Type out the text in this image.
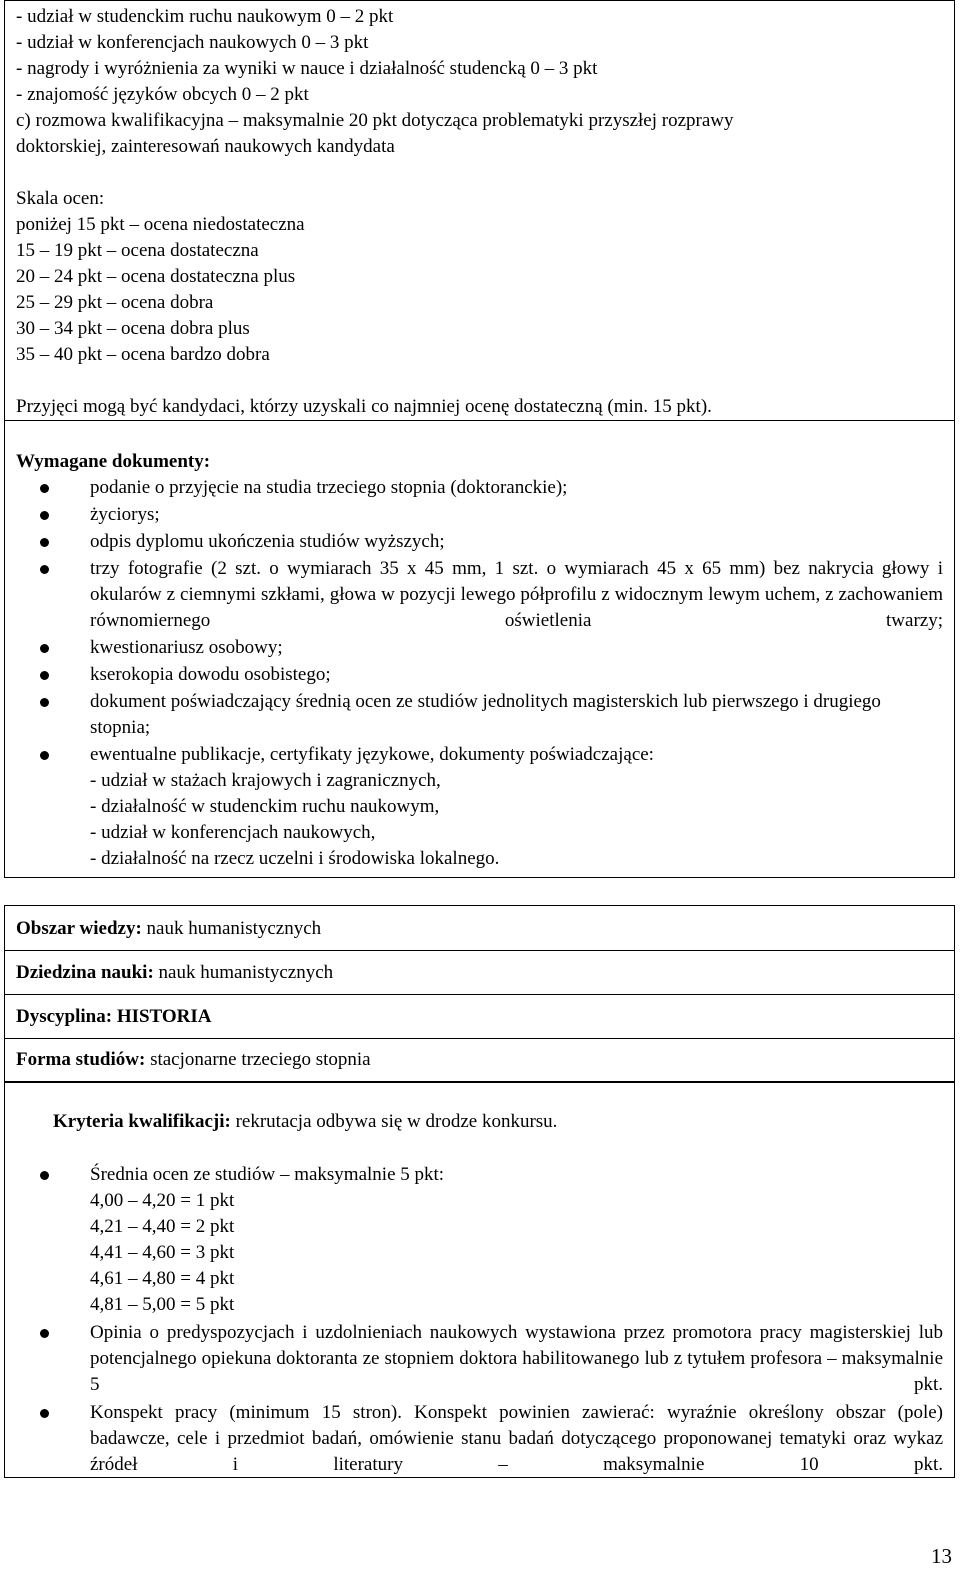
- udział w studenckim ruchu naukowym 0 – 2 pkt
- udział w konferencjach naukowych 0 – 3 pkt
- nagrody i wyróżnienia za wyniki w nauce i działalność studencką 0 – 3 pkt
- znajomość języków obcych 0 – 2 pkt
c) rozmowa kwalifikacyjna – maksymalnie 20 pkt dotycząca problematyki przyszłej rozprawy
doktorskiej, zainteresowań naukowych kandydata
Skala ocen:
poniżej 15 pkt – ocena niedostateczna
15 – 19 pkt – ocena dostateczna
20 – 24 pkt – ocena dostateczna plus
25 – 29 pkt – ocena dobra
30 – 34 pkt – ocena dobra plus
35 – 40 pkt – ocena bardzo dobra
Przyjęci mogą być kandydaci, którzy uzyskali co najmniej ocenę dostateczną (min. 15 pkt).
Wymagane dokumenty:

podanie o przyjęcie na studia trzeciego stopnia (doktoranckie);

życiorys;

odpis dyplomu ukończenia studiów wyższych;

trzy fotografie (2 szt. o wymiarach 35 x 45 mm, 1 szt. o wymiarach 45 x 65 mm) bez nakrycia głowy i okularów z ciemnymi szkłami, głowa w pozycji lewego półprofilu z widocznym lewym uchem, z zachowaniem równomiernego oświetlenia twarzy;

kwestionariusz osobowy;

kserokopia dowodu osobistego;

dokument poświadczający średnią ocen ze studiów jednolitych magisterskich lub pierwszego i drugiego stopnia;

ewentualne publikacje, certyfikaty językowe, dokumenty poświadczające:

- udział w stażach krajowych i zagranicznych,

- działalność w studenckim ruchu naukowym,

- udział w konferencjach naukowych,

- działalność na rzecz uczelni i środowiska lokalnego.

Obszar wiedzy: nauk humanistycznych
Dziedzina nauki: nauk humanistycznych
Dyscyplina: HISTORIA
Forma studiów: stacjonarne trzeciego stopnia
Kryteria kwalifikacji: rekrutacja odbywa się w drodze konkursu.

Średnia ocen ze studiów – maksymalnie 5 pkt:

4,00 – 4,20 = 1 pkt

4,21 – 4,40 = 2 pkt

4,41 – 4,60 = 3 pkt

4,61 – 4,80 = 4 pkt

4,81 – 5,00 = 5 pkt

Opinia o predyspozycjach i uzdolnieniach naukowych wystawiona przez promotora pracy magisterskiej lub potencjalnego opiekuna doktoranta ze stopniem doktora habilitowanego lub z tytułem profesora – maksymalnie 5 pkt.

Konspekt pracy (minimum 15 stron). Konspekt powinien zawierać: wyraźnie określony obszar (pole) badawcze, cele i przedmiot badań, omówienie stanu badań dotyczącego proponowanej tematyki oraz wykaz źródeł i literatury – maksymalnie 10 pkt.

13
